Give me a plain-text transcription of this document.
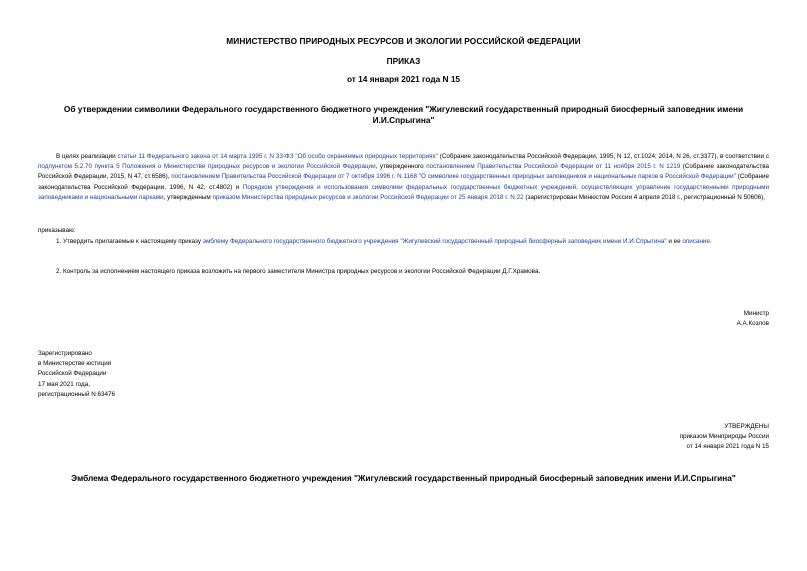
МИНИСТЕРСТВО ПРИРОДНЫХ РЕСУРСОВ И ЭКОЛОГИИ РОССИЙСКОЙ ФЕДЕРАЦИИ
ПРИКАЗ
от 14 января 2021 года N 15
Об утверждении символики Федерального государственного бюджетного учреждения "Жигулевский государственный природный биосферный заповедник имени И.И.Спрыгина"
В целях реализации статьи 11 Федерального закона от 14 марта 1995 г. N 33-ФЗ "Об особо охраняемых природных территориях" (Собрание законодательства Российской Федерации, 1995, N 12, ст.1024; 2014, N 26, ст.3377), в соответствии с подпунктом 5.2.70 пункта 5 Положения о Министерстве природных ресурсов и экологии Российской Федерации, утвержденного постановлением Правительства Российской Федерации от 11 ноября 2015 г. N 1219 (Собрание законодательства Российской Федерации, 2015, N 47, ст.6586), постановлением Правительства Российской Федерации от 7 октября 1996 г. N 1168 "О символике государственных природных заповедников и национальных парков в Российской Федерации" (Собрание законодательства Российской Федерации, 1996, N 42, ст.4802) и Порядком утверждения и использования символики федеральных государственных бюджетных учреждений, осуществляющих управление государственными природными заповедниками и национальными парками, утвержденным приказом Министерства природных ресурсов и экологии Российской Федерации от 25 января 2018 г. N 22 (зарегистрирован Минюстом России 4 апреля 2018 г., регистрационный N 50606),
приказываю:
1. Утвердить прилагаемые к настоящему приказу эмблему Федерального государственного бюджетного учреждения "Жигулевский государственный природный биосферный заповедник имени И.И.Спрыгина" и ее описание.
2. Контроль за исполнением настоящего приказа возложить на первого заместителя Министра природных ресурсов и экологии Российской Федерации Д.Г.Храмова.
Министр
А.А.Козлов
Зарегистрировано
в Министерстве юстиции
Российской Федерации
17 мая 2021 года,
регистрационный N 63476
УТВЕРЖДЕНЫ
приказом Минприроды России
от 14 января 2021 года N 15
Эмблема Федерального государственного бюджетного учреждения "Жигулевский государственный природный биосферный заповедник имени И.И.Спрыгина"
